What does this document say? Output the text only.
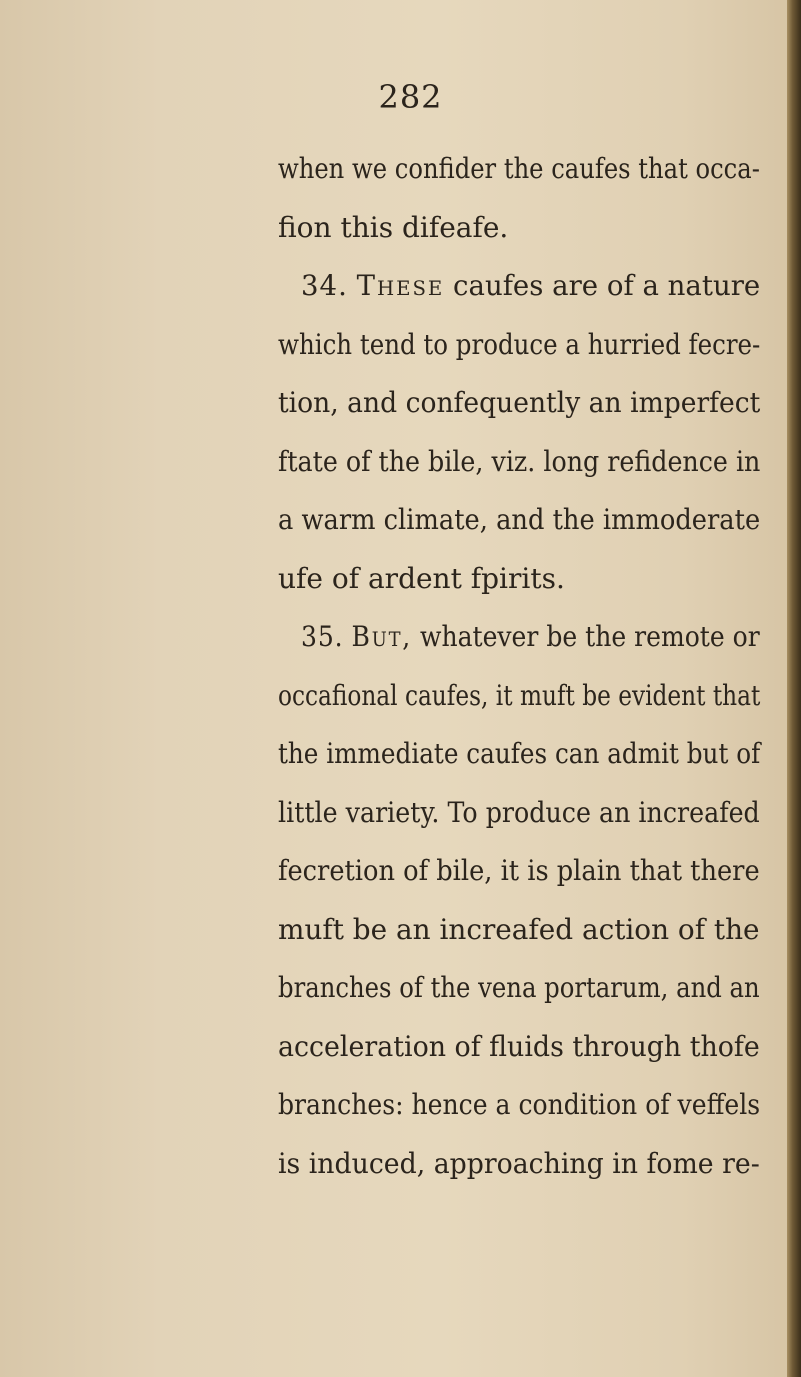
282
when we confider the caufes that occa-
fion this difeafe.
34. These caufes are of a nature
which tend to produce a hurried fecre-
tion, and confequently an imperfect
ftate of the bile, viz. long refidence in
a warm climate, and the immoderate
ufe of ardent fpirits.
35. But, whatever be the remote or
occafional caufes, it muft be evident that
the immediate caufes can admit but of
little variety. To produce an increafed
fecretion of bile, it is plain that there
muft be an increafed action of the
branches of the vena portarum, and an
acceleration of fluids through thofe
branches: hence a condition of veffels
is induced, approaching in fome re-
